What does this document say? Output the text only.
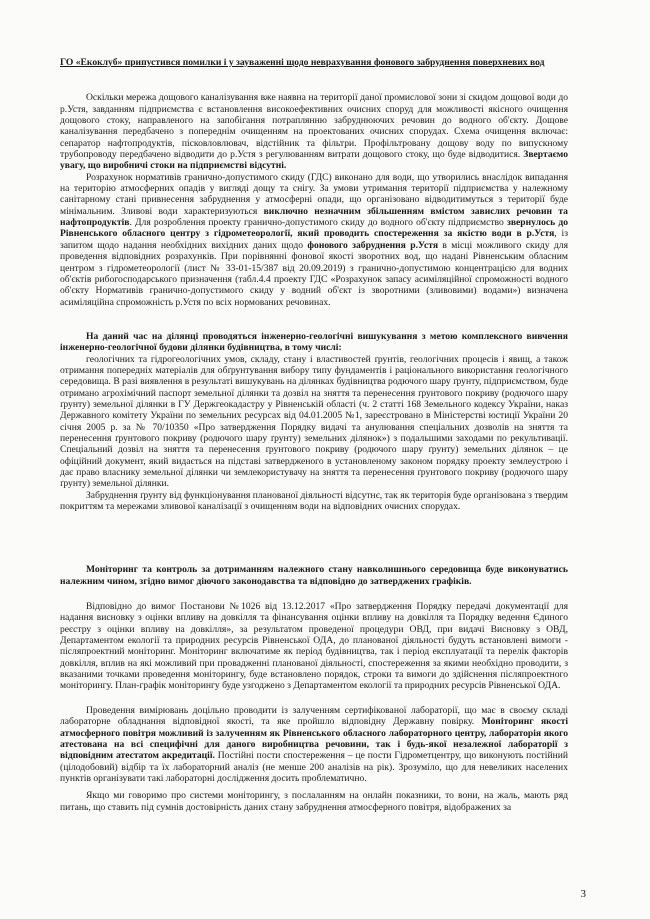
ГО «Екоклуб» припустився помилки і у зауваженні щодо неврахування фонового забруднення поверхневих вод

Оскільки мережа дощового каналізування вже наявна на території даної промислової зони зі скидом дощової води до р.Устя, завданням підприємства є встановлення високоефективних очисних споруд для можливості якісного очищення дощового стоку, направленого на запобігання потраплянню забруднюючих речовин до водного об'єкту. Дощове каналізування передбачено з попереднім очищенням на проектованих очисних спорудах. Схема очищення включає: сепаратор нафтопродуктів, пісковловлювач, відстійник та фільтри. Профільтровану дощову воду по випускному трубопроводу передбачено відводити до р.Устя з регулюванням витрати дощового стоку, що буде відводитися. Звертаємо увагу, що виробничі стоки на підприємстві відсутні.

Розрахунок нормативів гранично-допустимого скиду (ГДС) виконано для води, що утворились внаслідок випадання на територію атмосферних опадів у вигляді дощу та снігу. За умови утримання території підприємства у належному санітарному стані привнесення забруднення у атмосферні опади, що організовано відводитимуться з території буде мінімальним. Зливові води характеризуються виключно незначним збільшенням вмістом завислих речовин та нафтопродуктів. Для розроблення проекту гранично-допустимого скиду до водного об'єкту підприємство звернулось до Рівненського обласного центру з гідрометеорології, який проводить спостереження за якістю води в р.Устя, із запитом щодо надання необхідних вихідних даних щодо фонового забруднення р.Устя в місці можливого скиду для проведення відповідних розрахунків. При порівнянні фонової якості зворотних вод, що надані Рівненським обласним центром з гідрометеорології (лист № 33-01-15/387 від 20.09.2019) з гранично-допустимою концентрацією для водних об'єктів рибогосподарського призначення (табл.4.4 проекту ГДС «Розрахунок запасу асиміляційної спроможності водного об'єкту Нормативів гранично-допустимого скиду у водний об'єкт із зворотними (зливовими) водами») визначена асиміляційна спроможність р.Устя по всіх нормованих речовинах.

На даний час на ділянці проводяться інженерно-геологічні вишукування з метою комплексного вивчення інженерно-геологічної будови ділянки будівництва, в тому числі:

геологічних та гідрогеологічних умов, складу, стану і властивостей ґрунтів, геологічних процесів і явищ, а також отримання попередніх матеріалів для обґрунтування вибору типу фундаментів і раціонального використання геологічного середовища. В разі виявлення в результаті вишукувань на ділянках будівництва родючого шару ґрунту, підприємством, буде отримано агрохімічний паспорт земельної ділянки та дозвіл на зняття та перенесення ґрунтового покриву (родючого шару ґрунту) земельної ділянки в ГУ Держгеокадастру у Рівненській області (ч. 2 статті 168 Земельного кодексу України, наказ Державного комітету України по земельних ресурсах від 04.01.2005 №1, зареєстровано в Міністерстві юстиції України 20 січня 2005 р. за № 70/10350 «Про затвердження Порядку видачі та анулювання спеціальних дозволів на зняття та перенесення ґрунтового покриву (родючого шару ґрунту) земельних ділянок») з подальшими заходами по рекультивації. Спеціальний дозвіл на зняття та перенесення ґрунтового покриву (родючого шару ґрунту) земельних ділянок – це офіційний документ, який видається на підставі затвердженого в установленому законом порядку проекту землеустрою і дає право власнику земельної ділянки чи землекористувачу на зняття та перенесення ґрунтового покриву (родючого шару ґрунту) земельної ділянки.

Забруднення ґрунту від функціонування планованої діяльності відсутнє, так як територія буде організована з твердим покриттям та мережами зливової каналізації з очищенням води на відповідних очисних спорудах.

Моніторинг та контроль за дотриманням належного стану навколишнього середовища буде виконуватись належним чином, згідно вимог діючого законодавства та відповідно до затверджених графіків.

Відповідно до вимог Постанови №1026 від 13.12.2017 «Про затвердження Порядку передачі документації для надання висновку з оцінки впливу на довкілля та фінансування оцінки впливу на довкілля та Порядку ведення Єдиного реєстру з оцінки впливу на довкілля», за результатом проведеної процедури ОВД, при видачі Висновку з ОВД, Департаментом екології та природних ресурсів Рівненської ОДА, до планованої діяльності будуть встановлені вимоги - післяпроектний моніторинг. Моніторинг включатиме як період будівництва, так і період експлуатації та перелік факторів довкілля, вплив на які можливий при провадженні планованої діяльності, спостереження за якими необхідно проводити, з вказаними точками проведення моніторингу, буде встановлено порядок, строки та вимоги до здійснення післяпроектного моніторингу. План-графік моніторингу буде узгоджено з Департаментом екології та природних ресурсів Рівненської ОДА.

Проведення вимірювань доцільно проводити із залученням сертифікованої лабораторії, що має в своєму складі лабораторне обладнання відповідної якості, та яке пройшло відповідну Державну повірку. Моніторинг якості атмосферного повітря можливий із залученням як Рівненського обласного лабораторного центру, лабораторія якого атестована на всі специфічні для даного виробництва речовини, так і будь-якої незалежної лабораторії з відповідним атестатом акредитації. Постійні пости спостереження – це пости Гідрометцентру, що виконують постійний (цілодобовий) відбір та їх лабораторний аналіз (не менше 200 аналізів на рік). Зрозуміло, що для невеликих населених пунктів організувати такі лабораторні дослідження досить проблематично.

Якщо ми говоримо про системи моніторингу, з послаланням на онлайн показники, то вони, на жаль, мають ряд питань, що ставить під сумнів достовірність даних стану забруднення атмосферного повітря, відображених за

3
